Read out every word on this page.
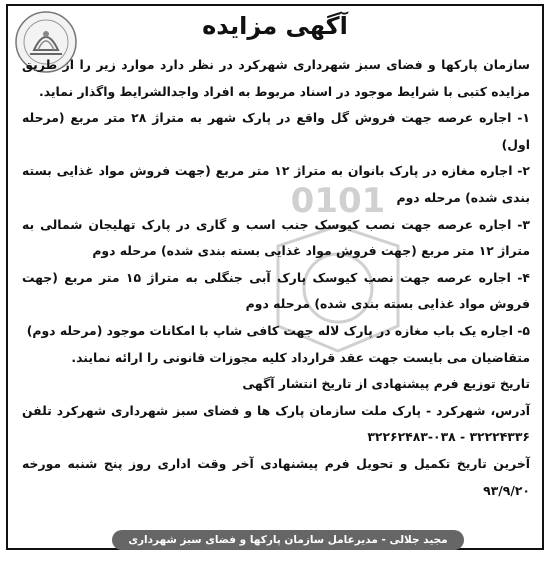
آگهی مزایده
0101

سازمان پارکها و فضای سبز شهرداری شهرکرد در نظر دارد موارد زیر را از طریق مزایده کتبی با شرایط موجود در اسناد مربوط به افراد واجدالشرایط واگذار نماید.

۱- اجاره عرصه جهت فروش گل واقع در پارک شهر به متراژ ۲۸ متر مربع (مرحله اول)

۲- اجاره مغازه در پارک بانوان به متراژ ۱۲ متر مربع (جهت فروش مواد غذایی بسته بندی شده) مرحله دوم

۳- اجاره عرصه جهت نصب کیوسک جنب اسب و گاری در پارک تهلیجان شمالی به متراژ ۱۲ متر مربع (جهت فروش مواد غذایی بسته بندی شده) مرحله دوم

۴- اجاره عرصه جهت نصب کیوسک پارک آبی جنگلی به متراژ ۱۵ متر مربع (جهت فروش مواد غذایی بسته بندی شده) مرحله دوم

۵- اجاره یک باب مغازه در پارک لاله جهت کافی شاپ با امکانات موجود (مرحله دوم)

متقاضیان می بایست جهت عقد قرارداد کلیه مجوزات قانونی را ارائه نمایند.

تاریخ توزیع فرم پیشنهادی از تاریخ انتشار آگهی

آدرس، شهرکرد - پارک ملت سازمان پارک ها و فضای سبز شهرداری شهرکرد تلفن ۳۲۲۲۴۳۳۶ - ۰۳۸-۳۲۲۶۲۴۸۳

آخرین تاریخ تکمیل و تحویل فرم پیشنهادی آخر وقت اداری روز پنج شنبه مورخه ۹۳/۹/۲۰

مجید جلالی - مدیرعامل سازمان پارکها و فضای سبز شهرداری شهرکرد
